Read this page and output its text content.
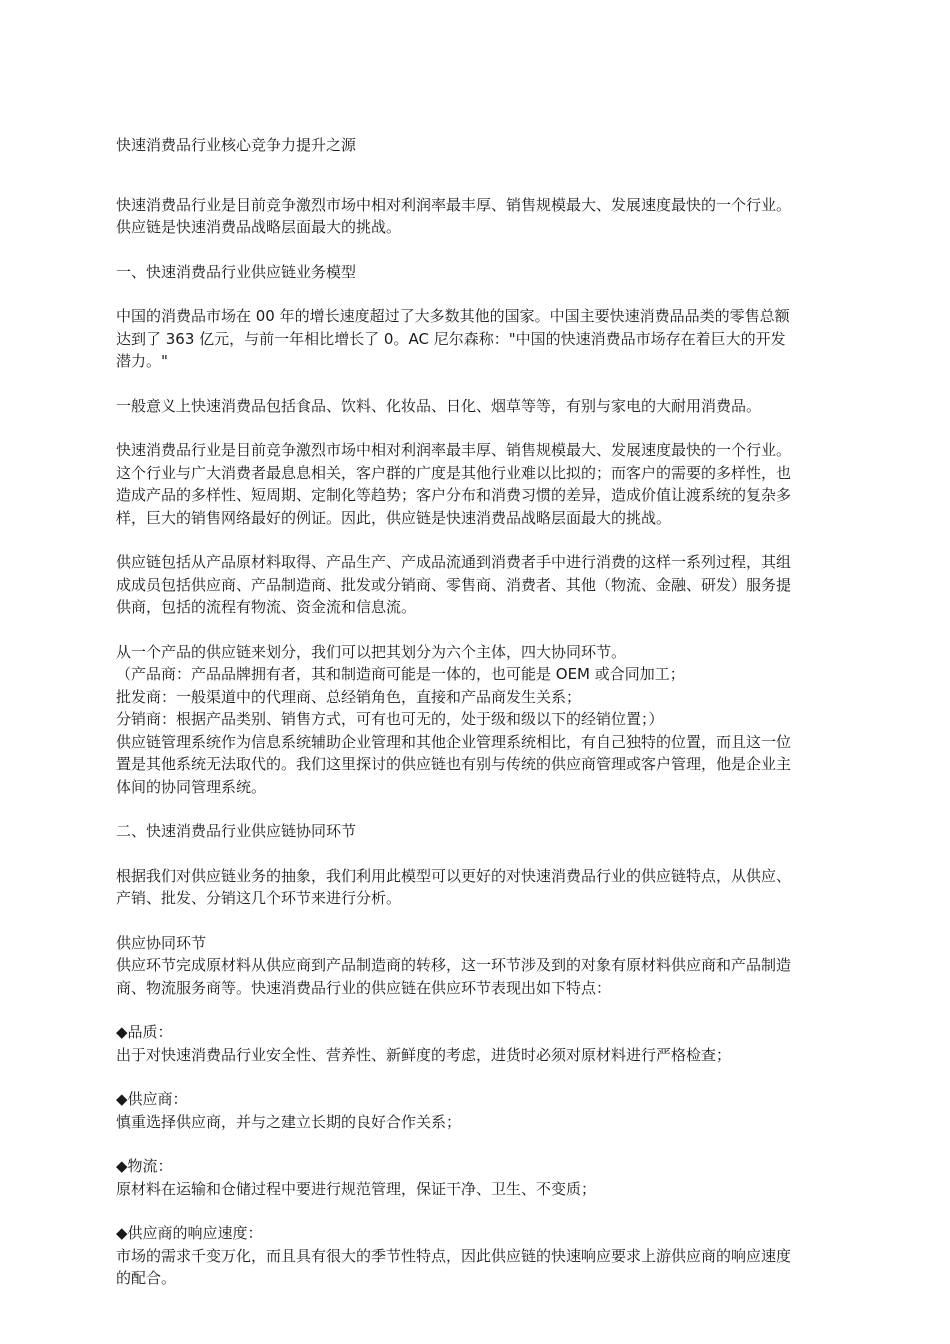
快速消费品行业核心竞争力提升之源

快速消费品行业是目前竞争激烈市场中相对利润率最丰厚、销售规模最大、发展速度最快的一个行业。

供应链是快速消费品战略层面最大的挑战。

一、快速消费品行业供应链业务模型

中国的消费品市场在 00 年的增长速度超过了大多数其他的国家。中国主要快速消费品品类的零售总额

达到了 363 亿元，与前一年相比增长了 0。AC 尼尔森称："中国的快速消费品市场存在着巨大的开发

潜力。"

一般意义上快速消费品包括食品、饮料、化妆品、日化、烟草等等，有别与家电的大耐用消费品。

快速消费品行业是目前竞争激烈市场中相对利润率最丰厚、销售规模最大、发展速度最快的一个行业。

这个行业与广大消费者最息息相关，客户群的广度是其他行业难以比拟的；而客户的需要的多样性，也

造成产品的多样性、短周期、定制化等趋势；客户分布和消费习惯的差异，造成价值让渡系统的复杂多

样，巨大的销售网络最好的例证。因此，供应链是快速消费品战略层面最大的挑战。

供应链包括从产品原材料取得、产品生产、产成品流通到消费者手中进行消费的这样一系列过程，其组

成成员包括供应商、产品制造商、批发或分销商、零售商、消费者、其他（物流、金融、研发）服务提

供商，包括的流程有物流、资金流和信息流。

从一个产品的供应链来划分，我们可以把其划分为六个主体，四大协同环节。

（产品商：产品品牌拥有者，其和制造商可能是一体的，也可能是 OEM 或合同加工；

批发商：一般渠道中的代理商、总经销角色，直接和产品商发生关系；

分销商：根据产品类别、销售方式，可有也可无的，处于级和级以下的经销位置；）

供应链管理系统作为信息系统辅助企业管理和其他企业管理系统相比，有自己独特的位置，而且这一位

置是其他系统无法取代的。我们这里探讨的供应链也有别与传统的供应商管理或客户管理，他是企业主

体间的协同管理系统。

二、快速消费品行业供应链协同环节

根据我们对供应链业务的抽象，我们利用此模型可以更好的对快速消费品行业的供应链特点，从供应、

产销、批发、分销这几个环节来进行分析。

供应协同环节

供应环节完成原材料从供应商到产品制造商的转移，这一环节涉及到的对象有原材料供应商和产品制造

商、物流服务商等。快速消费品行业的供应链在供应环节表现出如下特点：

◆品质：

出于对快速消费品行业安全性、营养性、新鲜度的考虑，进货时必须对原材料进行严格检查；

◆供应商：

慎重选择供应商，并与之建立长期的良好合作关系；

◆物流：

原材料在运输和仓储过程中要进行规范管理，保证干净、卫生、不变质；

◆供应商的响应速度：

市场的需求千变万化，而且具有很大的季节性特点，因此供应链的快速响应要求上游供应商的响应速度

的配合。
